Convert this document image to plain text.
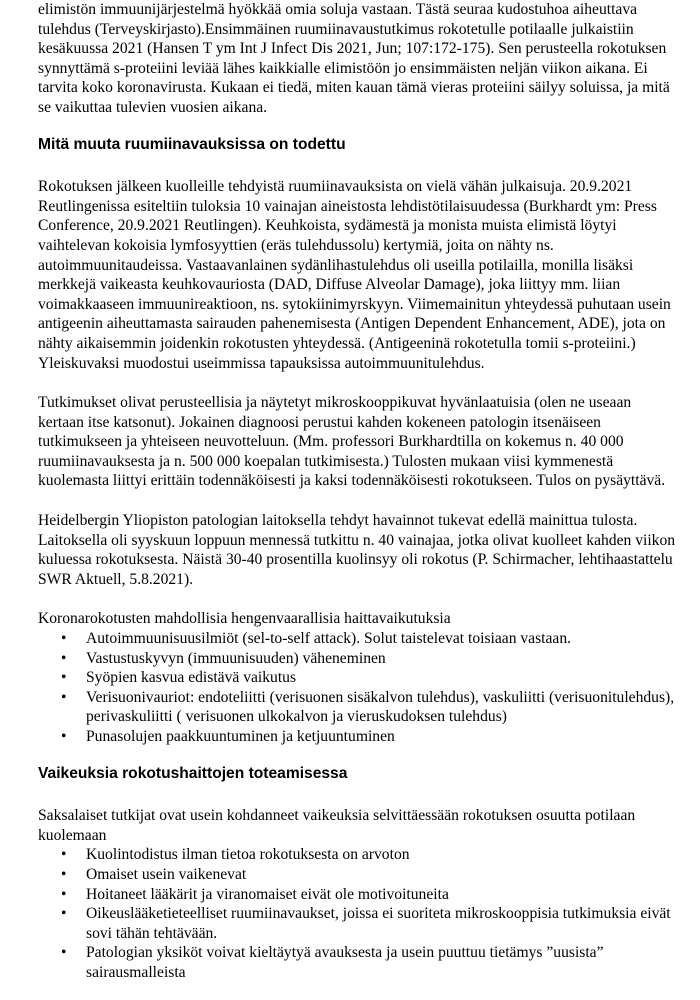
elimistön immuunijärjestelmä hyökkää omia soluja vastaan. Tästä seuraa kudostuhoa aiheuttava tulehdus (Terveyskirjasto).Ensimmäinen ruumiinavaustutkimus rokotetulle potilaalle julkaistiin kesäkuussa 2021 (Hansen T ym Int J Infect Dis 2021, Jun; 107:172-175). Sen perusteella rokotuksen synnyttämä s-proteiini leviää lähes kaikkialle elimistöön jo ensimmäisten neljän viikon aikana. Ei tarvita koko koronavirusta. Kukaan ei tiedä, miten kauan tämä vieras proteiini säilyy soluissa, ja mitä se vaikuttaa tulevien vuosien aikana.

Mitä muuta ruumiinavauksissa on todettu

Rokotuksen jälkeen kuolleille tehdyistä ruumiinavauksista on vielä vähän julkaisuja. 20.9.2021 Reutlingenissa esiteltiin tuloksia 10 vainajan aineistosta lehdistötilaisuudessa (Burkhardt ym: Press Conference, 20.9.2021 Reutlingen). Keuhkoista, sydämestä ja monista muista elimistä löytyi vaihtelevan kokoisia lymfosyyttien (eräs tulehdussolu) kertymiä, joita on nähty ns. autoimmuunitaudeissa. Vastaavanlainen sydänlihastulehdus oli useilla potilailla, monilla lisäksi merkkejä vaikeasta keuhkovauriosta (DAD, Diffuse Alveolar Damage), joka liittyy mm. liian voimakkaaseen immuunireaktioon, ns. sytokiinimyrskyyn. Viimemainitun yhteydessä puhutaan usein antigeenin aiheuttamasta sairauden pahenemisesta (Antigen Dependent Enhancement, ADE), jota on nähty aikaisemmin joidenkin rokotusten yhteydessä. (Antigeeninä rokotetulla tomii s-proteiini.) Yleiskuvaksi muodostui useimmissa tapauksissa autoimmuunitulehdus.

Tutkimukset olivat perusteellisia ja näytetyt mikroskooppikuvat hyvänlaatuisia (olen ne useaan kertaan itse katsonut). Jokainen diagnoosi perustui kahden kokeneen patologin itsenäiseen tutkimukseen ja yhteiseen neuvotteluun. (Mm. professori Burkhardtilla on kokemus n. 40 000 ruumiinavauksesta ja n. 500 000 koepalan tutkimisesta.) Tulosten mukaan viisi kymmenestä kuolemasta liittyi erittäin todennäköisesti ja kaksi todennäköisesti rokotukseen. Tulos on pysäyttävä.

Heidelbergin Yliopiston patologian laitoksella tehdyt havainnot tukevat edellä mainittua tulosta. Laitoksella oli syyskuun loppuun mennessä tutkittu n. 40 vainajaa, jotka olivat kuolleet kahden viikon kuluessa rokotuksesta. Näistä 30-40 prosentilla kuolinsyy oli rokotus (P. Schirmacher, lehtihaastattelu SWR Aktuell, 5.8.2021).

Koronarokotusten mahdollisia hengenvaarallisia haittavaikutuksia

• Autoimmuunisuusilmiöt (sel-to-self attack). Solut taistelevat toisiaan vastaan.
• Vastustuskyvyn (immuunisuuden) väheneminen
• Syöpien kasvua edistävä vaikutus
• Verisuonivauriot: endoteliitti (verisuonen sisäkalvon tulehdus), vaskuliitti (verisuonitulehdus), perivaskuliitti ( verisuonen ulkokalvon ja vieruskudoksen tulehdus)
• Punasolujen paakkuuntuminen ja ketjuuntuminen
Vaikeuksia rokotushaittojen toteamisessa

Saksalaiset tutkijat ovat usein kohdanneet vaikeuksia selvittäessään rokotuksen osuutta potilaan kuolemaan

• Kuolintodistus ilman tietoa rokotuksesta on arvoton
• Omaiset usein vaikenevat
• Hoitaneet lääkärit ja viranomaiset eivät ole motivoituneita
• Oikeuslääketieteelliset ruumiinavaukset, joissa ei suoriteta mikroskooppisia tutkimuksia eivät sovi tähän tehtävään.
• Patologian yksiköt voivat kieltäytyä avauksesta ja usein puuttuu tietämys ”uusista” sairausmalleista
